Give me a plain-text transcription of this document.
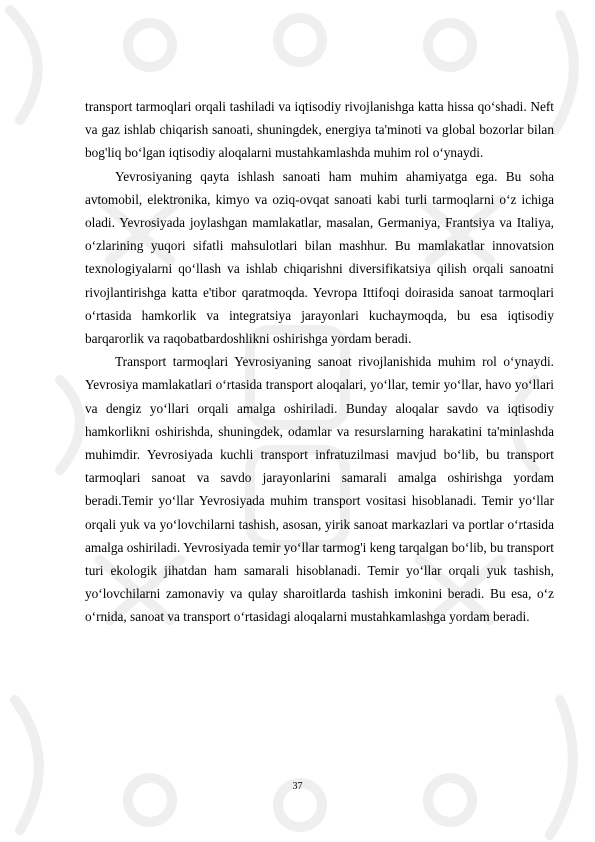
transport tarmoqlari orqali tashiladi va iqtisodiy rivojlanishga katta hissa qo‘shadi. Neft va gaz ishlab chiqarish sanoati, shuningdek, energiya ta'minoti va global bozorlar bilan bog'liq bo‘lgan iqtisodiy aloqalarni mustahkamlashda muhim rol o‘ynaydi.

Yevrosiyaning qayta ishlash sanoati ham muhim ahamiyatga ega. Bu soha avtomobil, elektronika, kimyo va oziq-ovqat sanoati kabi turli tarmoqlarni o‘z ichiga oladi. Yevrosiyada joylashgan mamlakatlar, masalan, Germaniya, Frantsiya va Italiya, o‘zlarining yuqori sifatli mahsulotlari bilan mashhur. Bu mamlakatlar innovatsion texnologiyalarni qo‘llash va ishlab chiqarishni diversifikatsiya qilish orqali sanoatni rivojlantirishga katta e'tibor qaratmoqda. Yevropa Ittifoqi doirasida sanoat tarmoqlari o‘rtasida hamkorlik va integratsiya jarayonlari kuchaymoqda, bu esa iqtisodiy barqarorlik va raqobatbardoshlikni oshirishga yordam beradi.

Transport tarmoqlari Yevrosiyaning sanoat rivojlanishida muhim rol o‘ynaydi. Yevrosiya mamlakatlari o‘rtasida transport aloqalari, yo‘llar, temir yo‘llar, havo yo‘llari va dengiz yo‘llari orqali amalga oshiriladi. Bunday aloqalar savdo va iqtisodiy hamkorlikni oshirishda, shuningdek, odamlar va resurslarning harakatini ta'minlashda muhimdir. Yevrosiyada kuchli transport infratuzilmasi mavjud bo‘lib, bu transport tarmoqlari sanoat va savdo jarayonlarini samarali amalga oshirishga yordam beradi.Temir yo‘llar Yevrosiyada muhim transport vositasi hisoblanadi. Temir yo‘llar orqali yuk va yo‘lovchilarni tashish, asosan, yirik sanoat markazlari va portlar o‘rtasida amalga oshiriladi. Yevrosiyada temir yo‘llar tarmog'i keng tarqalgan bo‘lib, bu transport turi ekologik jihatdan ham samarali hisoblanadi. Temir yo‘llar orqali yuk tashish, yo‘lovchilarni zamonaviy va qulay sharoitlarda tashish imkonini beradi. Bu esa, o‘z o‘rnida, sanoat va transport o‘rtasidagi aloqalarni mustahkamlashga yordam beradi.

37
